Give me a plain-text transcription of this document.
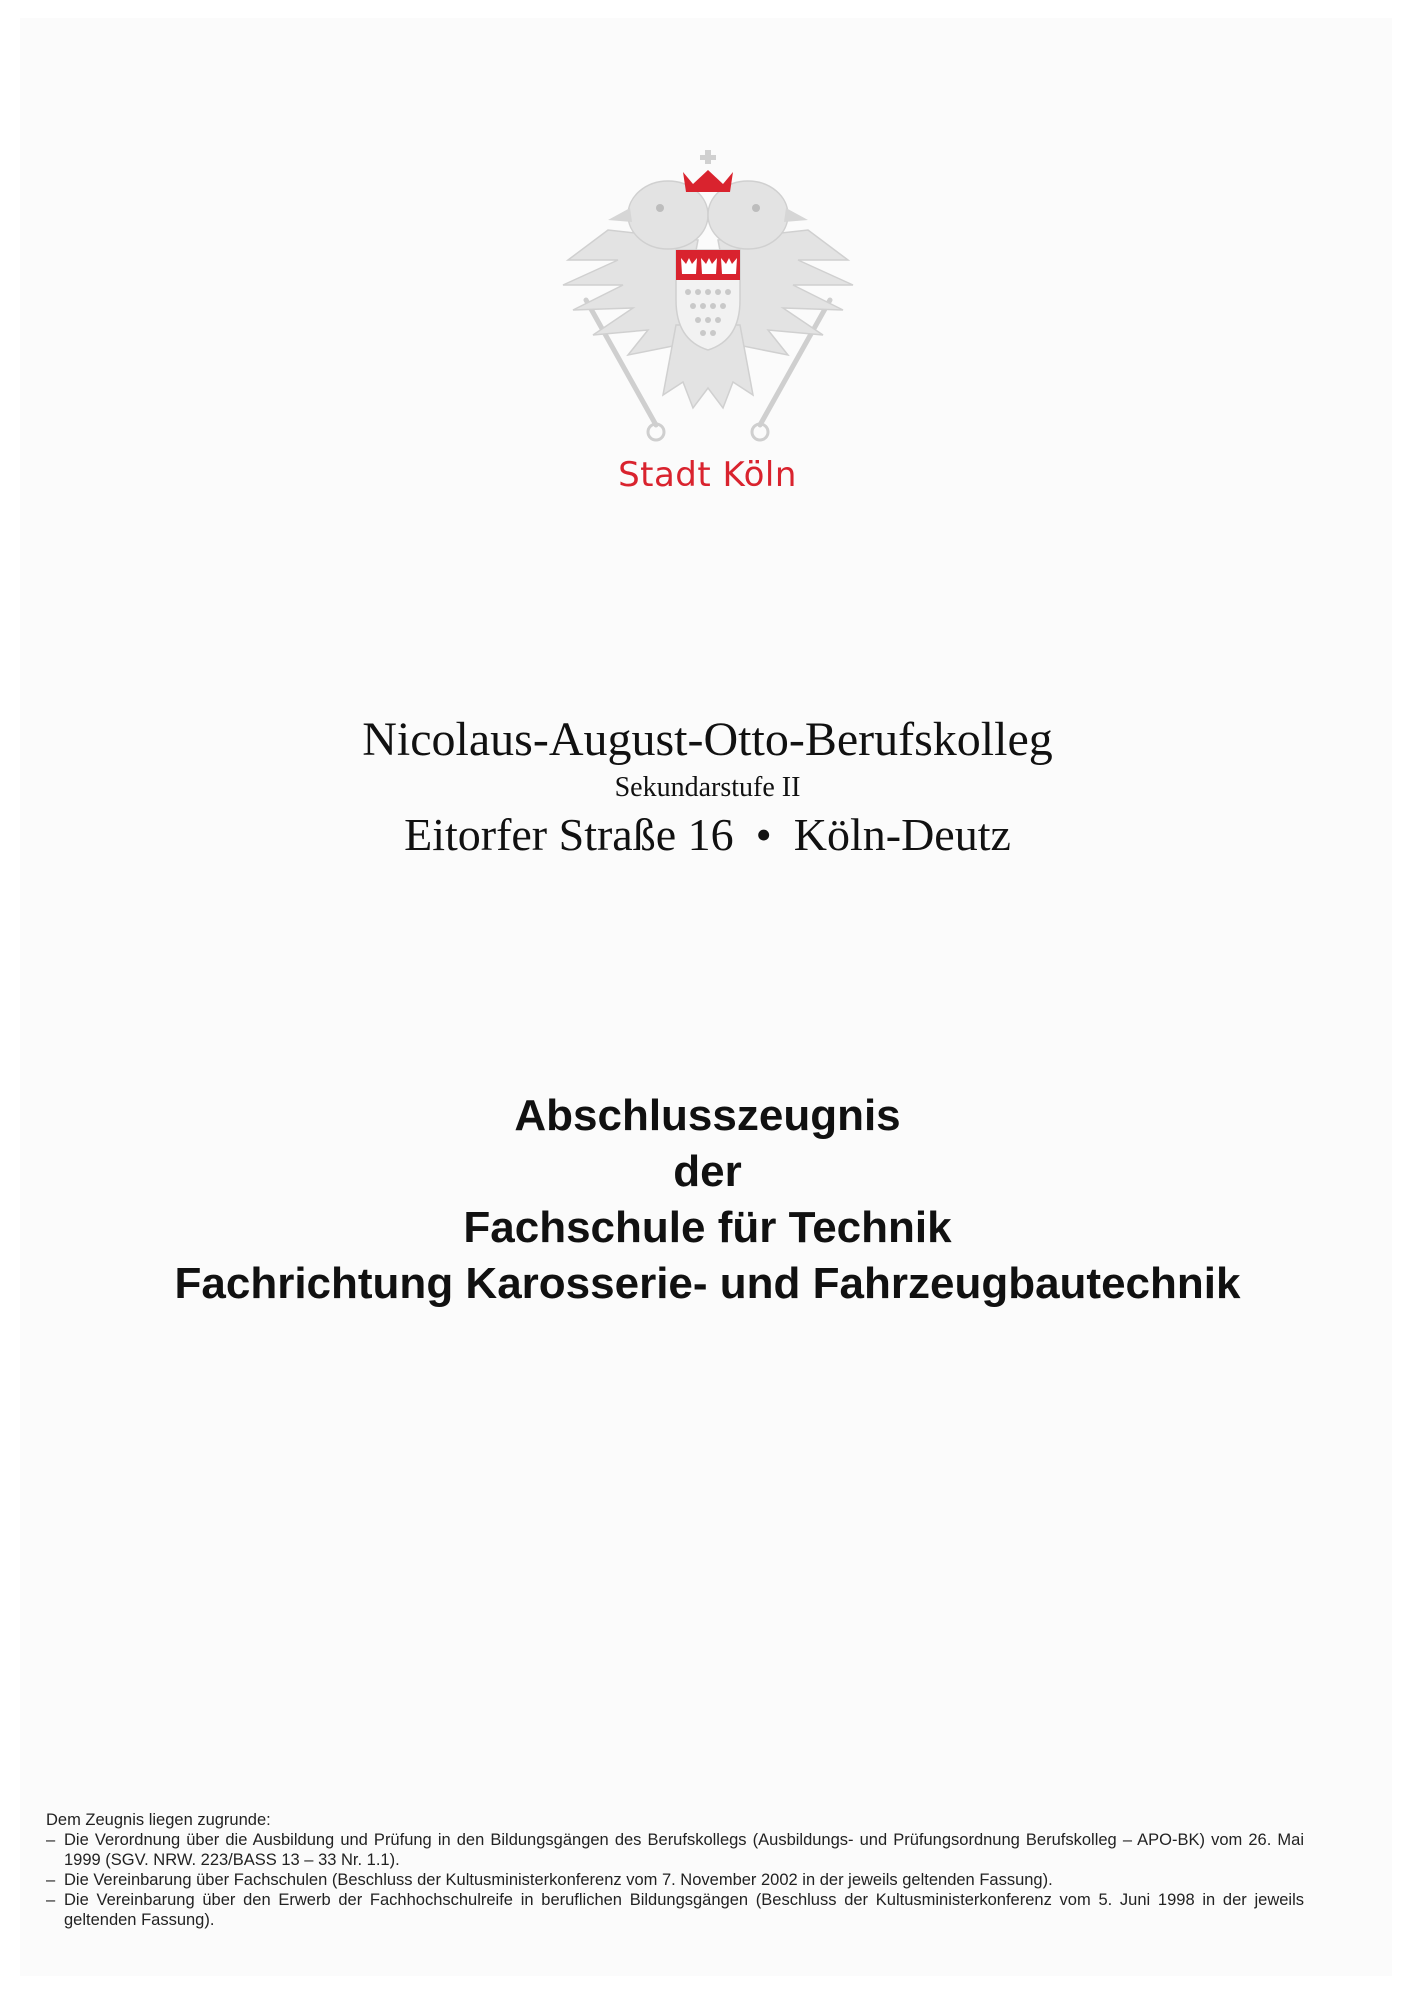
Stadt Köln
Nicolaus-August-Otto-Berufskolleg
Sekundarstufe II
Eitorfer Straße 16 • Köln-Deutz
Abschlusszeugnis
der
Fachschule für Technik
Fachrichtung Karosserie- und Fahrzeugbautechnik
Dem Zeugnis liegen zugrunde:
– Die Verordnung über die Ausbildung und Prüfung in den Bildungsgängen des Berufskollegs (Ausbildungs- und Prüfungsordnung Berufskolleg – APO-BK) vom 26. Mai 1999 (SGV. NRW. 223/BASS 13 – 33 Nr. 1.1).
– Die Vereinbarung über Fachschulen (Beschluss der Kultusministerkonferenz vom 7. November 2002 in der jeweils geltenden Fassung).
– Die Vereinbarung über den Erwerb der Fachhochschulreife in beruflichen Bildungsgängen (Beschluss der Kultusministerkonferenz vom 5. Juni 1998 in der jeweils geltenden Fassung).
